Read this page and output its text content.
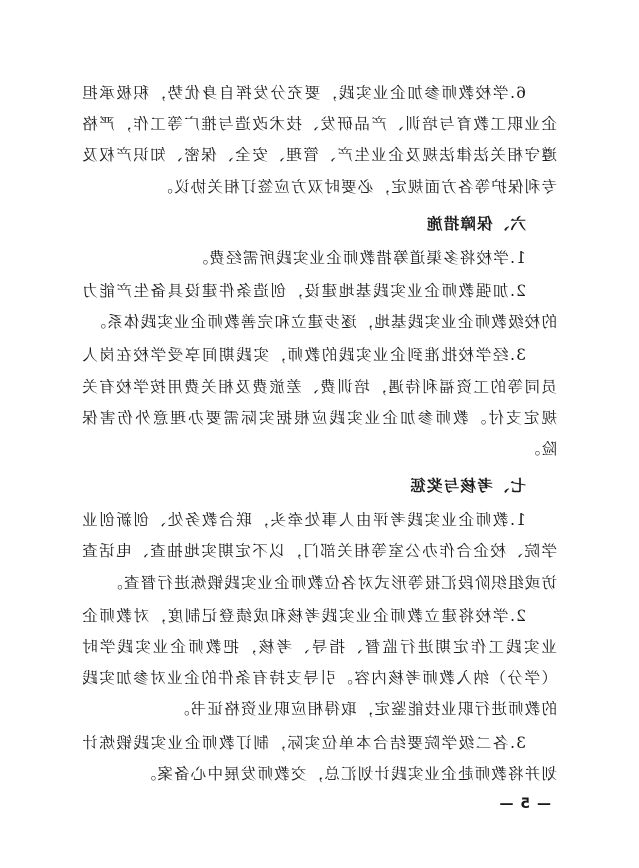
6.学校教师参加企业实践，要充分发挥自身优势，积极承担企业职工教育与培训、产品研发、技术改造与推广等工作，严格遵守相关法律法规及企业生产、管理、安全、保密、知识产权及专利保护等各方面规定，必要时双方应签订相关协议。

六、保障措施

1.学校将多渠道筹措教师企业实践所需经费。

2.加强教师企业实践基地建设，创造条件建设具备生产能力的校级教师企业实践基地，逐步建立和完善教师企业实践体系。

3.经学校批准到企业实践的教师，实践期间享受学校在岗人员同等的工资福利待遇，培训费、差旅费及相关费用按学校有关规定支付。教师参加企业实践应根据实际需要办理意外伤害保险。

七、考核与奖惩

1.教师企业实践考评由人事处牵头，联合教务处、创新创业学院、校企合作办公室等相关部门，以不定期实地抽查、电话查访或组织阶段汇报等形式对各位教师企业实践锻炼进行督查。

2.学校将建立教师企业实践考核和成绩登记制度，对教师企业实践工作定期进行监督、指导、考核，把教师企业实践学时（学分）纳入教师考核内容。引导支持有条件的企业对参加实践的教师进行职业技能鉴定，取得相应职业资格证书。

3.各二级学院要结合本单位实际，制订教师企业实践锻炼计划并将教师赴企业实践计划汇总，交教师发展中心备案。

— 5 —
